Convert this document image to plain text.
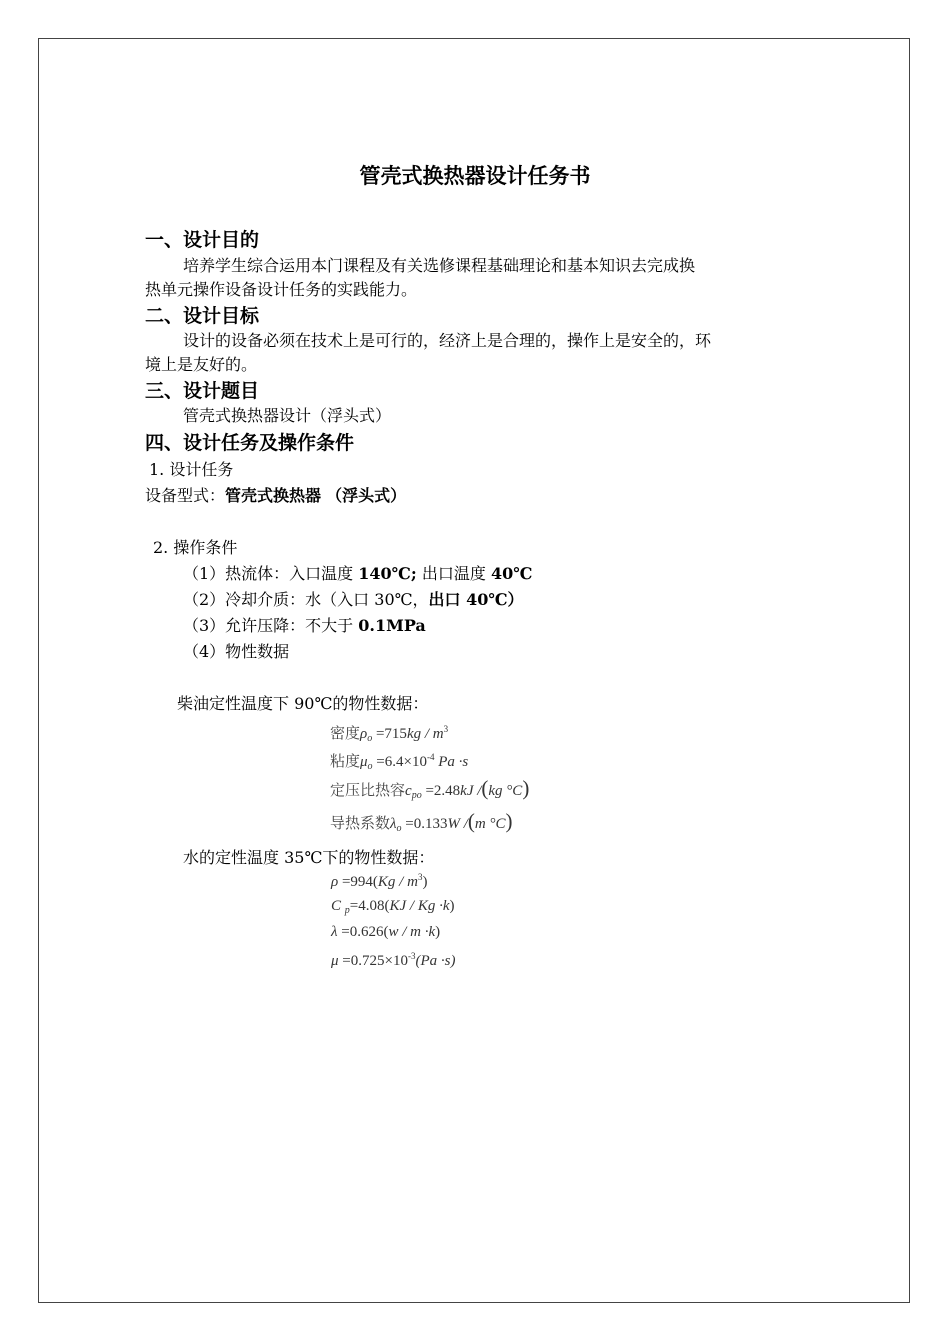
管壳式换热器设计任务书
一、设计目的
培养学生综合运用本门课程及有关选修课程基础理论和基本知识去完成换
热单元操作设备设计任务的实践能力。
二、设计目标
设计的设备必须在技术上是可行的，经济上是合理的，操作上是安全的，环
境上是友好的。
三、设计题目
管壳式换热器设计（浮头式）
四、设计任务及操作条件
1. 设计任务
设备型式：管壳式换热器 （浮头式）
2. 操作条件
（1）热流体：入口温度 140℃; 出口温度 40℃
（2）冷却介质：水（入口 30℃，出口 40℃）
（3）允许压降：不大于 0.1MPa
（4）物性数据
柴油定性温度下 90℃的物性数据：
密度$\rho_o =715kg / m^3$
粘度$\mu_o =6.4\times 10^{-4}$ Pa ·s
定压比热容$c_{po} =2.48kJ$ /(kg °C)
导热系数$\lambda_o =0.133W$ /(m °C)
水的定性温度 35℃下的物性数据：
$\rho =994(Kg / m^3)$
C $_p$=4.08(KJ / Kg ·k)
λ =0.626(w / m ·k)
$\mu =0.725\times 10^{-3}(Pa \cdot s)$
